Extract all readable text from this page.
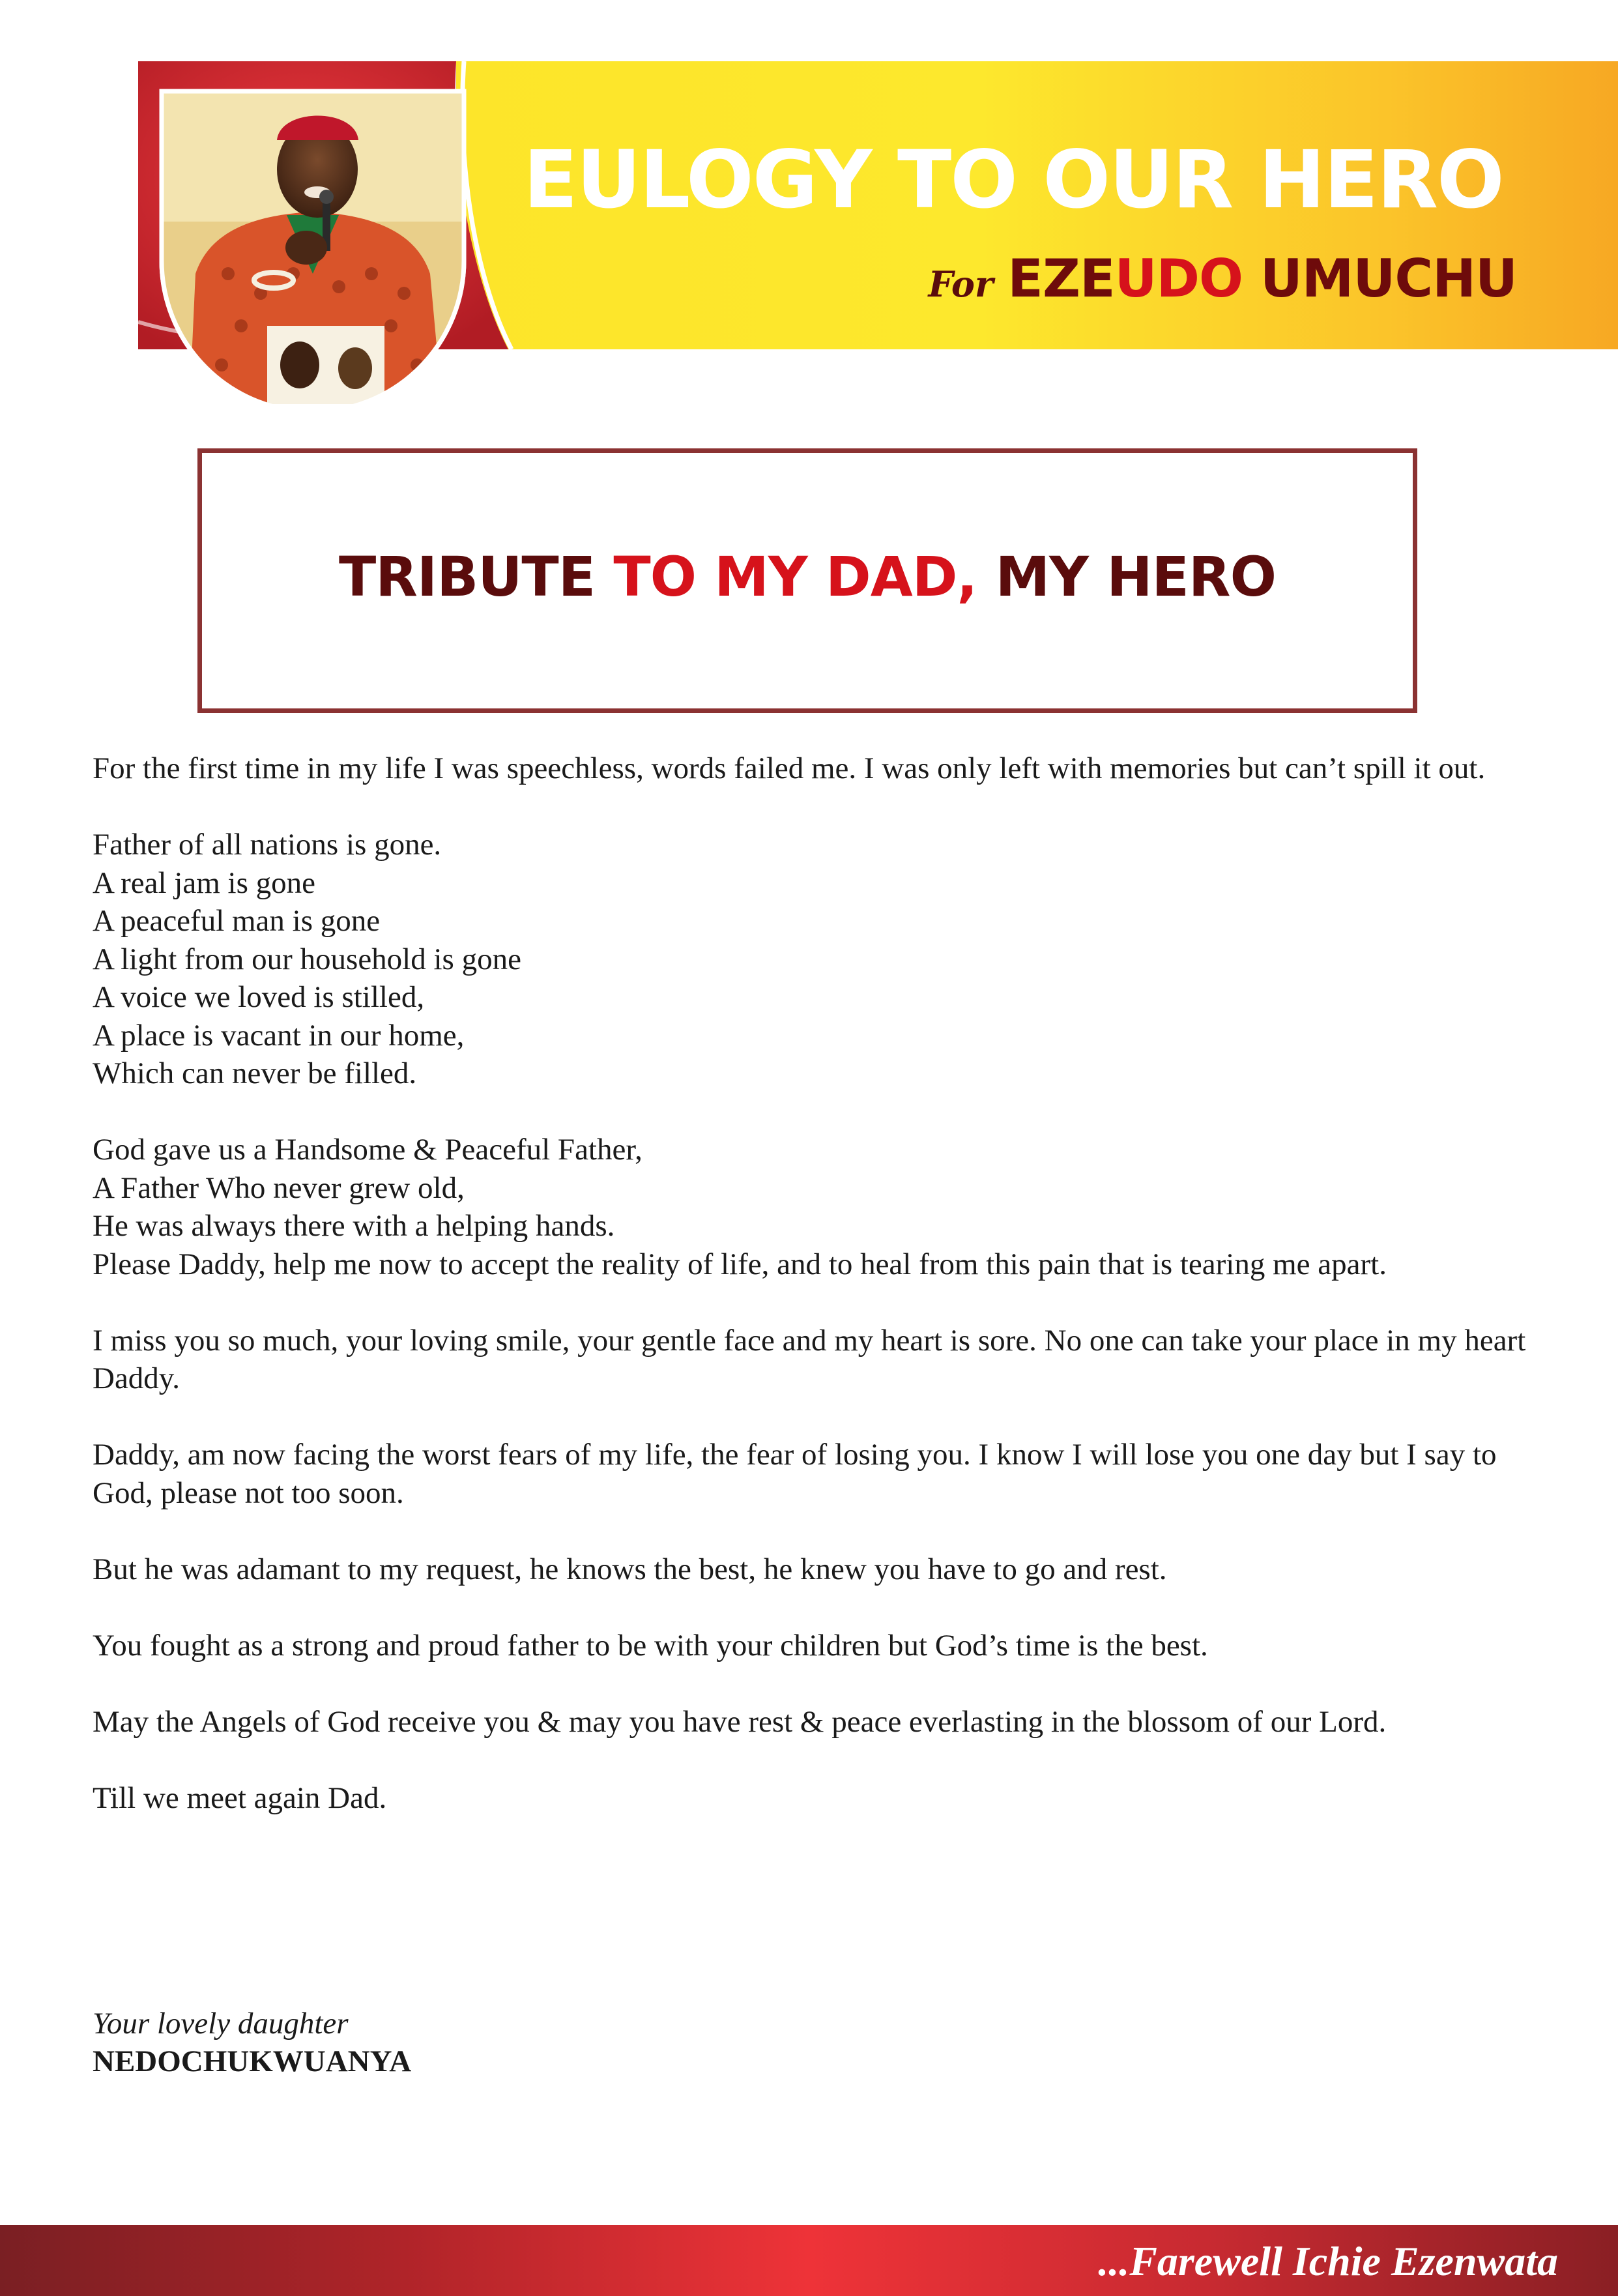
EULOGY TO OUR HERO
For EZEUDO UMUCHU
TRIBUTE TO MY DAD, MY HERO

For the first time in my life I was speechless, words failed me. I was only left with memories but can’t spill it out.

Father of all nations is gone.
A real jam is gone
A peaceful man is gone
A light from our household is gone
A voice we loved is stilled,
A place is vacant in our home,
Which can never be filled.

God gave us a Handsome & Peaceful Father,
A Father Who never grew old,
He was always there with a helping hands.
Please Daddy, help me now to accept the reality of life, and to heal from this pain that is tearing me apart.

I miss you so much, your loving smile, your gentle face and my heart is sore. No one can take your place in my heart Daddy.

Daddy, am now facing the worst fears of my life, the fear of losing you. I know I will lose you one day but I say to God, please not too soon.

But he was adamant to my request, he knows the best, he knew you have to go and rest.

You fought as a strong and proud father to be with your children but God’s time is the best.

May the Angels of God receive you & may you have rest & peace everlasting in the blossom of our Lord.

Till we meet again Dad.

Your lovely daughter
NEDOCHUKWUANYA
...Farewell Ichie Ezenwata
